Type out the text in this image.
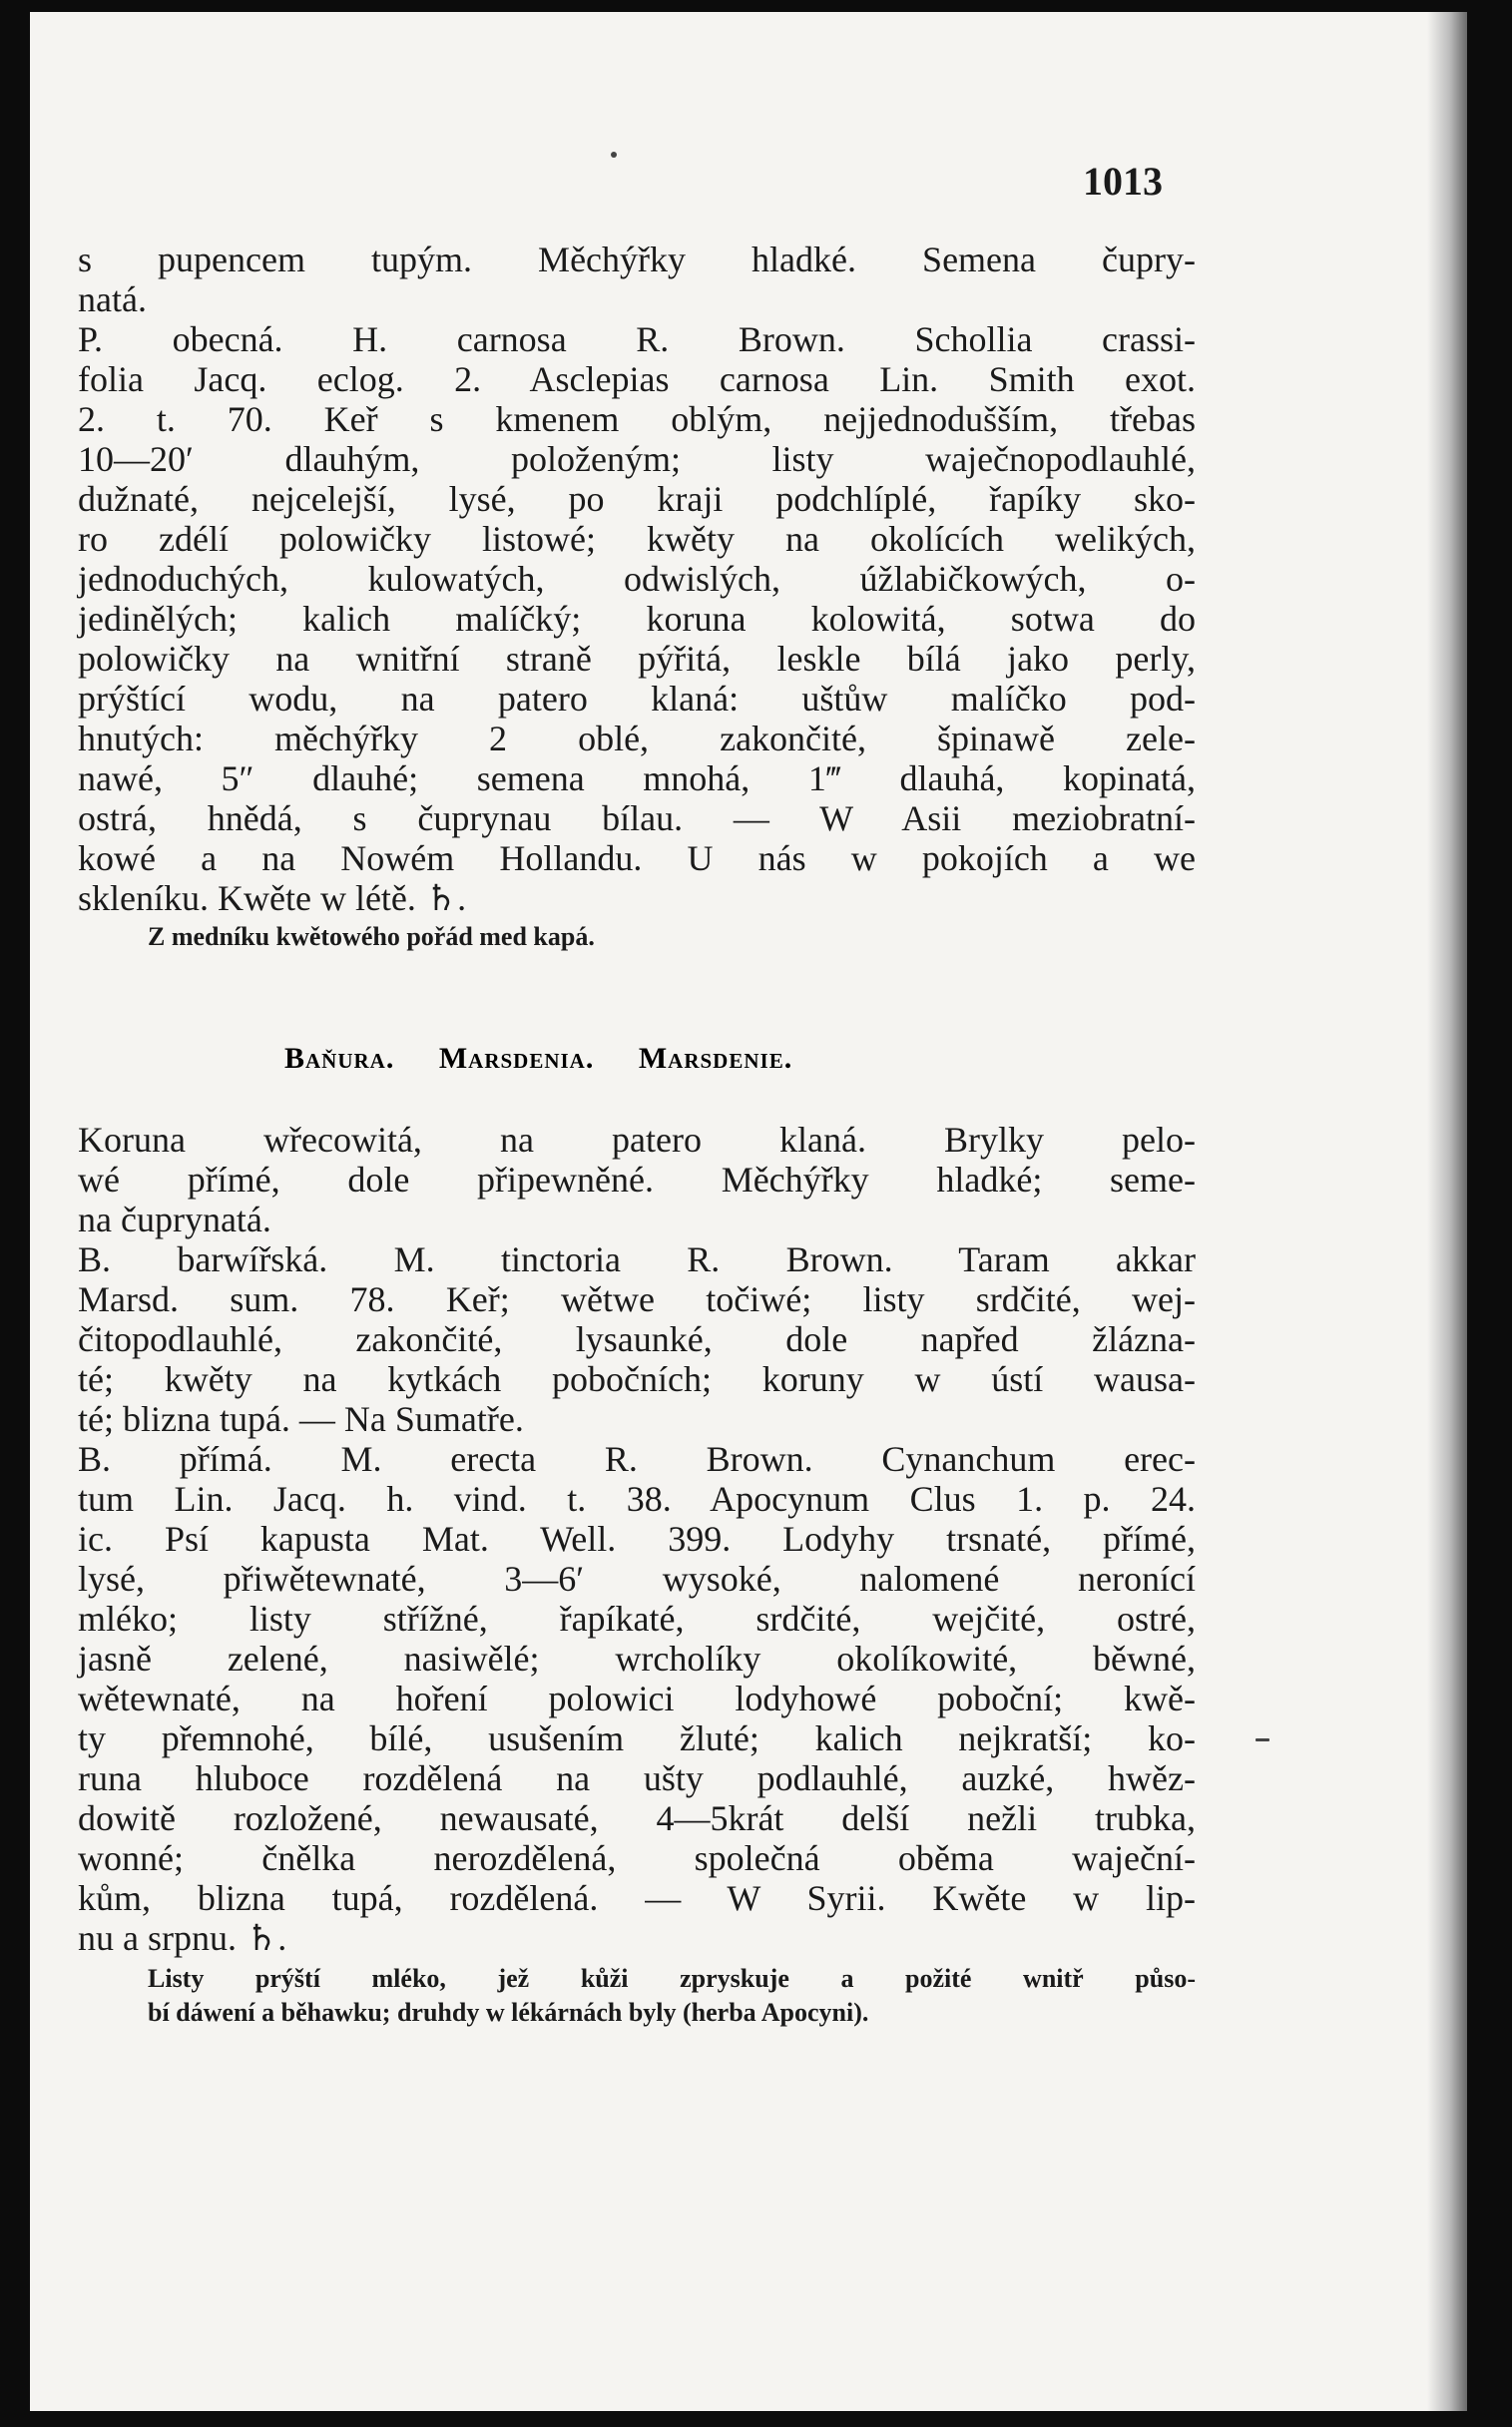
1013
s pupencem tupým. Měchýřky hladké. Semena čupry-
natá.
P. obecná. H. carnosa R. Brown. Schollia crassi-
folia Jacq. eclog. 2. Asclepias carnosa Lin. Smith exot.
2. t. 70. Keř s kmenem oblým, nejjednodušším, třebas
10—20′ dlauhým, položeným; listy waječnopodlauhlé,
dužnaté, nejcelejší, lysé, po kraji podchlíplé, řapíky sko-
ro zdélí polowičky listowé; kwěty na okolících welikých,
jednoduchých, kulowatých, odwislých, úžlabičkowých, o-
jedinělých; kalich malíčký; koruna kolowitá, sotwa do
polowičky na wnitřní straně pýřitá, leskle bílá jako perly,
prýštící wodu, na patero klaná: uštůw malíčko pod-
hnutých: měchýřky 2 oblé, zakončité, špinawě zele-
nawé, 5″ dlauhé; semena mnohá, 1‴ dlauhá, kopinatá,
ostrá, hnědá, s čuprynau bílau. — W Asii meziobratní-
kowé a na Nowém Hollandu. U nás w pokojích a we
skleníku. Kwěte w létě. ♄.
Z medníku kwětowého pořád med kapá.
Baňura. Marsdenia. Marsdenie.
Koruna wřecowitá, na patero klaná. Brylky pelo-
wé přímé, dole připewněné. Měchýřky hladké; seme-
na čuprynatá.
B. barwířská. M. tinctoria R. Brown. Taram akkar
Marsd. sum. 78. Keř; wětwe točiwé; listy srdčité, wej-
čitopodlauhlé, zakončité, lysaunké, dole napřed žlázna-
té; kwěty na kytkách pobočních; koruny w ústí wausa-
té; blizna tupá. — Na Sumatře.
B. přímá. M. erecta R. Brown. Cynanchum erec-
tum Lin. Jacq. h. vind. t. 38. Apocynum Clus 1. p. 24.
ic. Psí kapusta Mat. Well. 399. Lodyhy trsnaté, přímé,
lysé, přiwětewnaté, 3—6′ wysoké, nalomené neronící
mléko; listy střížné, řapíkaté, srdčité, wejčité, ostré,
jasně zelené, nasiwělé; wrcholíky okolíkowité, běwné,
wětewnaté, na hoření polowici lodyhowé poboční; kwě-
ty přemnohé, bílé, usušením žluté; kalich nejkratší; ko-
runa hluboce rozdělená na ušty podlauhlé, auzké, hwěz-
dowitě rozložené, newausaté, 4—5krát delší nežli trubka,
wonné; čnělka nerozdělená, společná oběma waječní-
kům, blizna tupá, rozdělená. — W Syrii. Kwěte w lip-
nu a srpnu. ♄.
Listy prýští mléko, jež kůži zpryskuje a požité wnitř půso-
bí dáwení a běhawku; druhdy w lékárnách byly (herba Apocyni).
